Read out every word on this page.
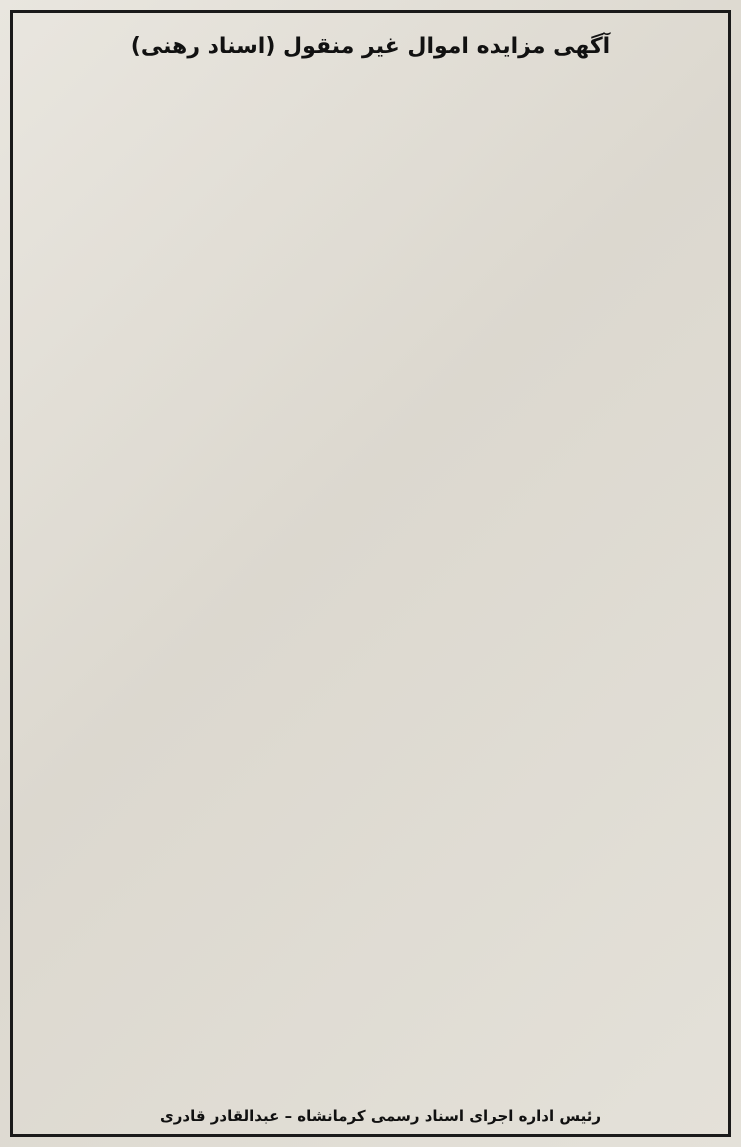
آگهی مزایده اموال غیر منقول (اسناد رهنی)
رئیس اداره اجرای اسناد رسمی کرمانشاه – عبدالقادر قادری
